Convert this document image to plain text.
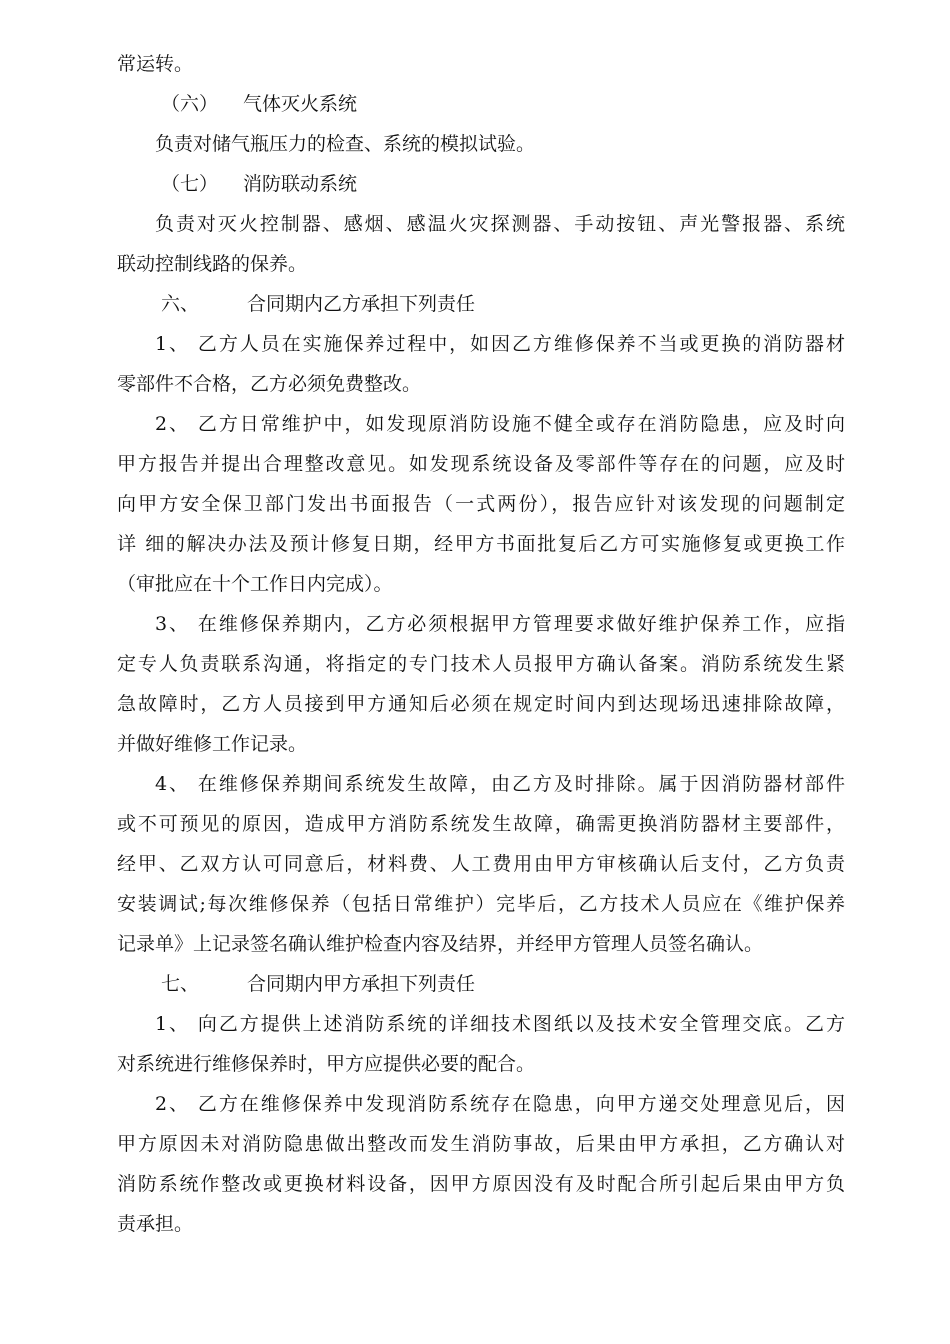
常运转。
（六） 气体灭火系统
负责对储气瓶压力的检查、系统的模拟试验。
（七） 消防联动系统
负责对灭火控制器、感烟、感温火灾探测器、手动按钮、声光警报器、系统
联动控制线路的保养。
六、	合同期内乙方承担下列责任
1、 乙方人员在实施保养过程中，如因乙方维修保养不当或更换的消防器材
零部件不合格，乙方必须免费整改。
2、 乙方日常维护中，如发现原消防设施不健全或存在消防隐患，应及时向
甲方报告并提出合理整改意见。如发现系统设备及零部件等存在的问题，应及时
向甲方安全保卫部门发出书面报告（一式两份），报告应针对该发现的问题制定
详 细的解决办法及预计修复日期，经甲方书面批复后乙方可实施修复或更换工作
（审批应在十个工作日内完成）。
3、 在维修保养期内，乙方必须根据甲方管理要求做好维护保养工作，应指
定专人负责联系沟通，将指定的专门技术人员报甲方确认备案。消防系统发生紧
急故障时，乙方人员接到甲方通知后必须在规定时间内到达现场迅速排除故障，
并做好维修工作记录。
4、 在维修保养期间系统发生故障，由乙方及时排除。属于因消防器材部件
或不可预见的原因，造成甲方消防系统发生故障，确需更换消防器材主要部件，
经甲、乙双方认可同意后，材料费、人工费用由甲方审核确认后支付，乙方负责
安装调试;每次维修保养（包括日常维护）完毕后，乙方技术人员应在《维护保养
记录单》上记录签名确认维护检查内容及结界，并经甲方管理人员签名确认。
七、	合同期内甲方承担下列责任
1、 向乙方提供上述消防系统的详细技术图纸以及技术安全管理交底。乙方
对系统进行维修保养时，甲方应提供必要的配合。
2、 乙方在维修保养中发现消防系统存在隐患，向甲方递交处理意见后，因
甲方原因未对消防隐患做出整改而发生消防事故，后果由甲方承担，乙方确认对
消防系统作整改或更换材料设备，因甲方原因没有及时配合所引起后果由甲方负
责承担。
